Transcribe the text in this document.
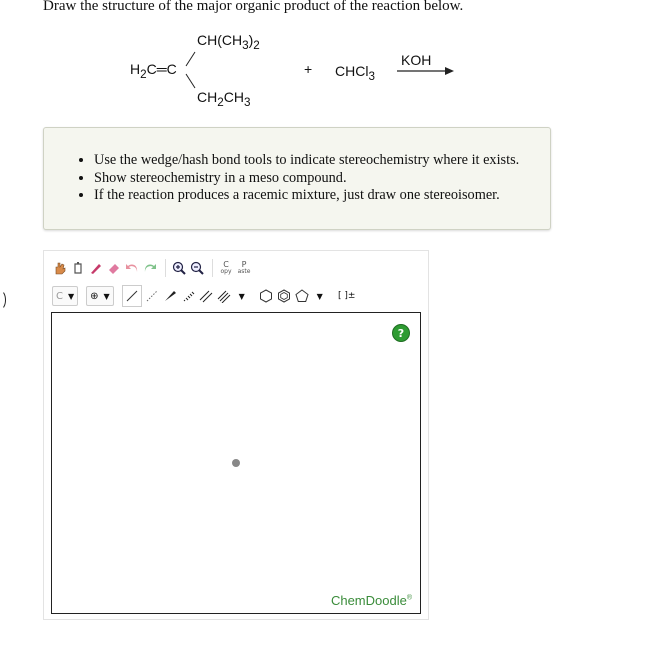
Draw the structure of the major organic product of the reaction below.
$CH(CH_3)_2$
$H_2C═C$
$CH_2CH_3$
+ CHCl$_3$
KOH
• Use the wedge/hash bond tools to indicate stereochemistry where it exists.
• Show stereochemistry in a meso compound.
• If the reaction produces a racemic mixture, just draw one stereoisomer.
C
opy
P
aste
C ▼ ⊕ ▼	▼	▼	[ ]±
?
ChemDoodle®
